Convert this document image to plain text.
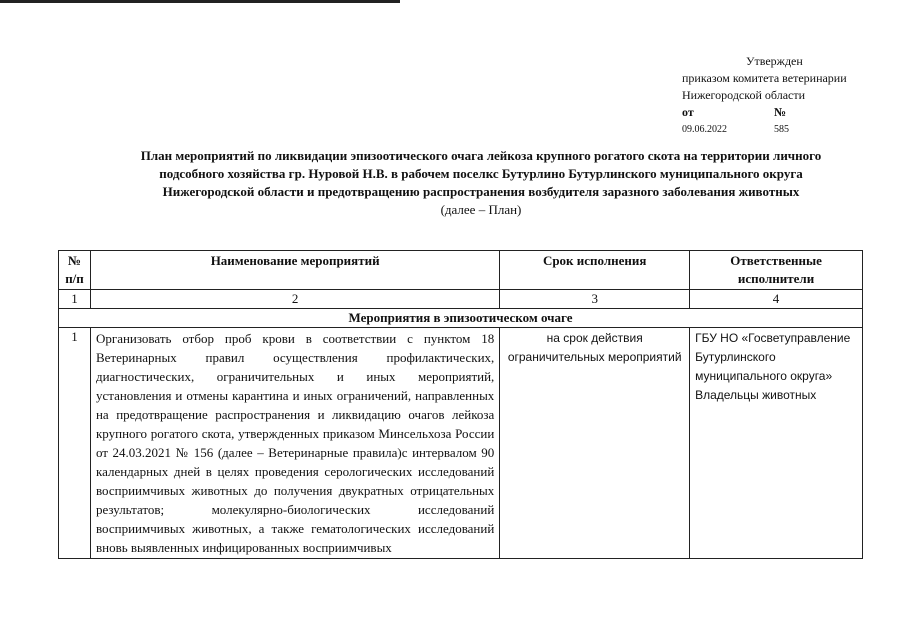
Утвержден
приказом комитета ветеринарии
Нижегородской области
от	№
09.06.2022	585
План мероприятий по ликвидации эпизоотического очага лейкоза крупного рогатого скота на территории личного
подсобного хозяйства гр. Нуровой Н.В. в рабочем поселкс Бутурлино Бутурлинского муниципального округа
Нижегородской области и предотвращению распространения возбудителя заразного заболевания животных
(далее – План)
№ п/п	Наименование мероприятий	Срок исполнения	Ответственные исполнители
1	2	3	4
Мероприятия в эпизоотическом очаге			
1	Организовать отбор проб крови в соответствии с пунктом 18 Ветеринарных правил осуществления профилактических, диагностических, ограничительных и иных мероприятий, установления и отмены карантина и иных ограничений, направленных на предотвращение распространения и ликвидацию очагов лейкоза крупного рогатого скота, утвержденных приказом Минсельхоза России от 24.03.2021 № 156 (далее – Ветеринарные правила)с интервалом 90 календарных дней в целях проведения серологических исследований восприимчивых животных до получения двукратных отрицательных результатов; молекулярно-биологических исследований восприимчивых животных, а также гематологических исследований вновь выявленных инфицированных восприимчивых	на срок действия ограничительных мероприятий	ГБУ НО «Госветуправление Бутурлинского муниципального округа»
Владельцы животных
